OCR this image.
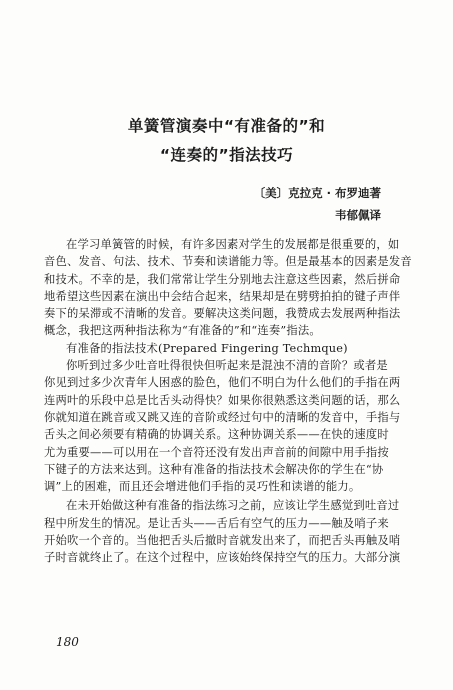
单簧管演奏中“有准备的”和
“连奏的”指法技巧
〔美〕克拉克 · 布罗迪著
韦郁佩译
在学习单簧管的时候，有许多因素对学生的发展都是很重要的，如
音色、发音、句法、技术、节奏和读谱能力等。但是最基本的因素是发音
和技术。不幸的是，我们常常让学生分别地去注意这些因素，然后拼命
地希望这些因素在演出中会结合起来，结果却是在劈劈拍拍的键子声伴
奏下的呆滞或不清晰的发音。要解决这类问题，我赞成去发展两种指法
概念，我把这两种指法称为“有准备的”和“连奏”指法。
有准备的指法技术(Prepared Fingering Techmque)
你听到过多少吐音吐得很快但听起来是混浊不清的音阶？或者是
你见到过多少次青年人困惑的脸色，他们不明白为什么他们的手指在两
连两叶的乐段中总是比舌头动得快？如果你很熟悉这类问题的话，那么
你就知道在跳音或又跳又连的音阶或经过句中的清晰的发音中，手指与
舌头之间必须要有精确的协调关系。这种协调关系——在快的速度时
尤为重要——可以用在一个音符还没有发出声音前的间隙中用手指按
下键子的方法来达到。这种有准备的指法技术会解决你的学生在“协
调”上的困难，而且还会增进他们手指的灵巧性和读谱的能力。
在未开始做这种有准备的指法练习之前，应该让学生感觉到吐音过
程中所发生的情况。是让舌头——舌后有空气的压力——触及哨子来
开始吹一个音的。当他把舌头后撤时音就发出来了，而把舌头再触及哨
子时音就终止了。在这个过程中，应该始终保持空气的压力。大部分演
180
